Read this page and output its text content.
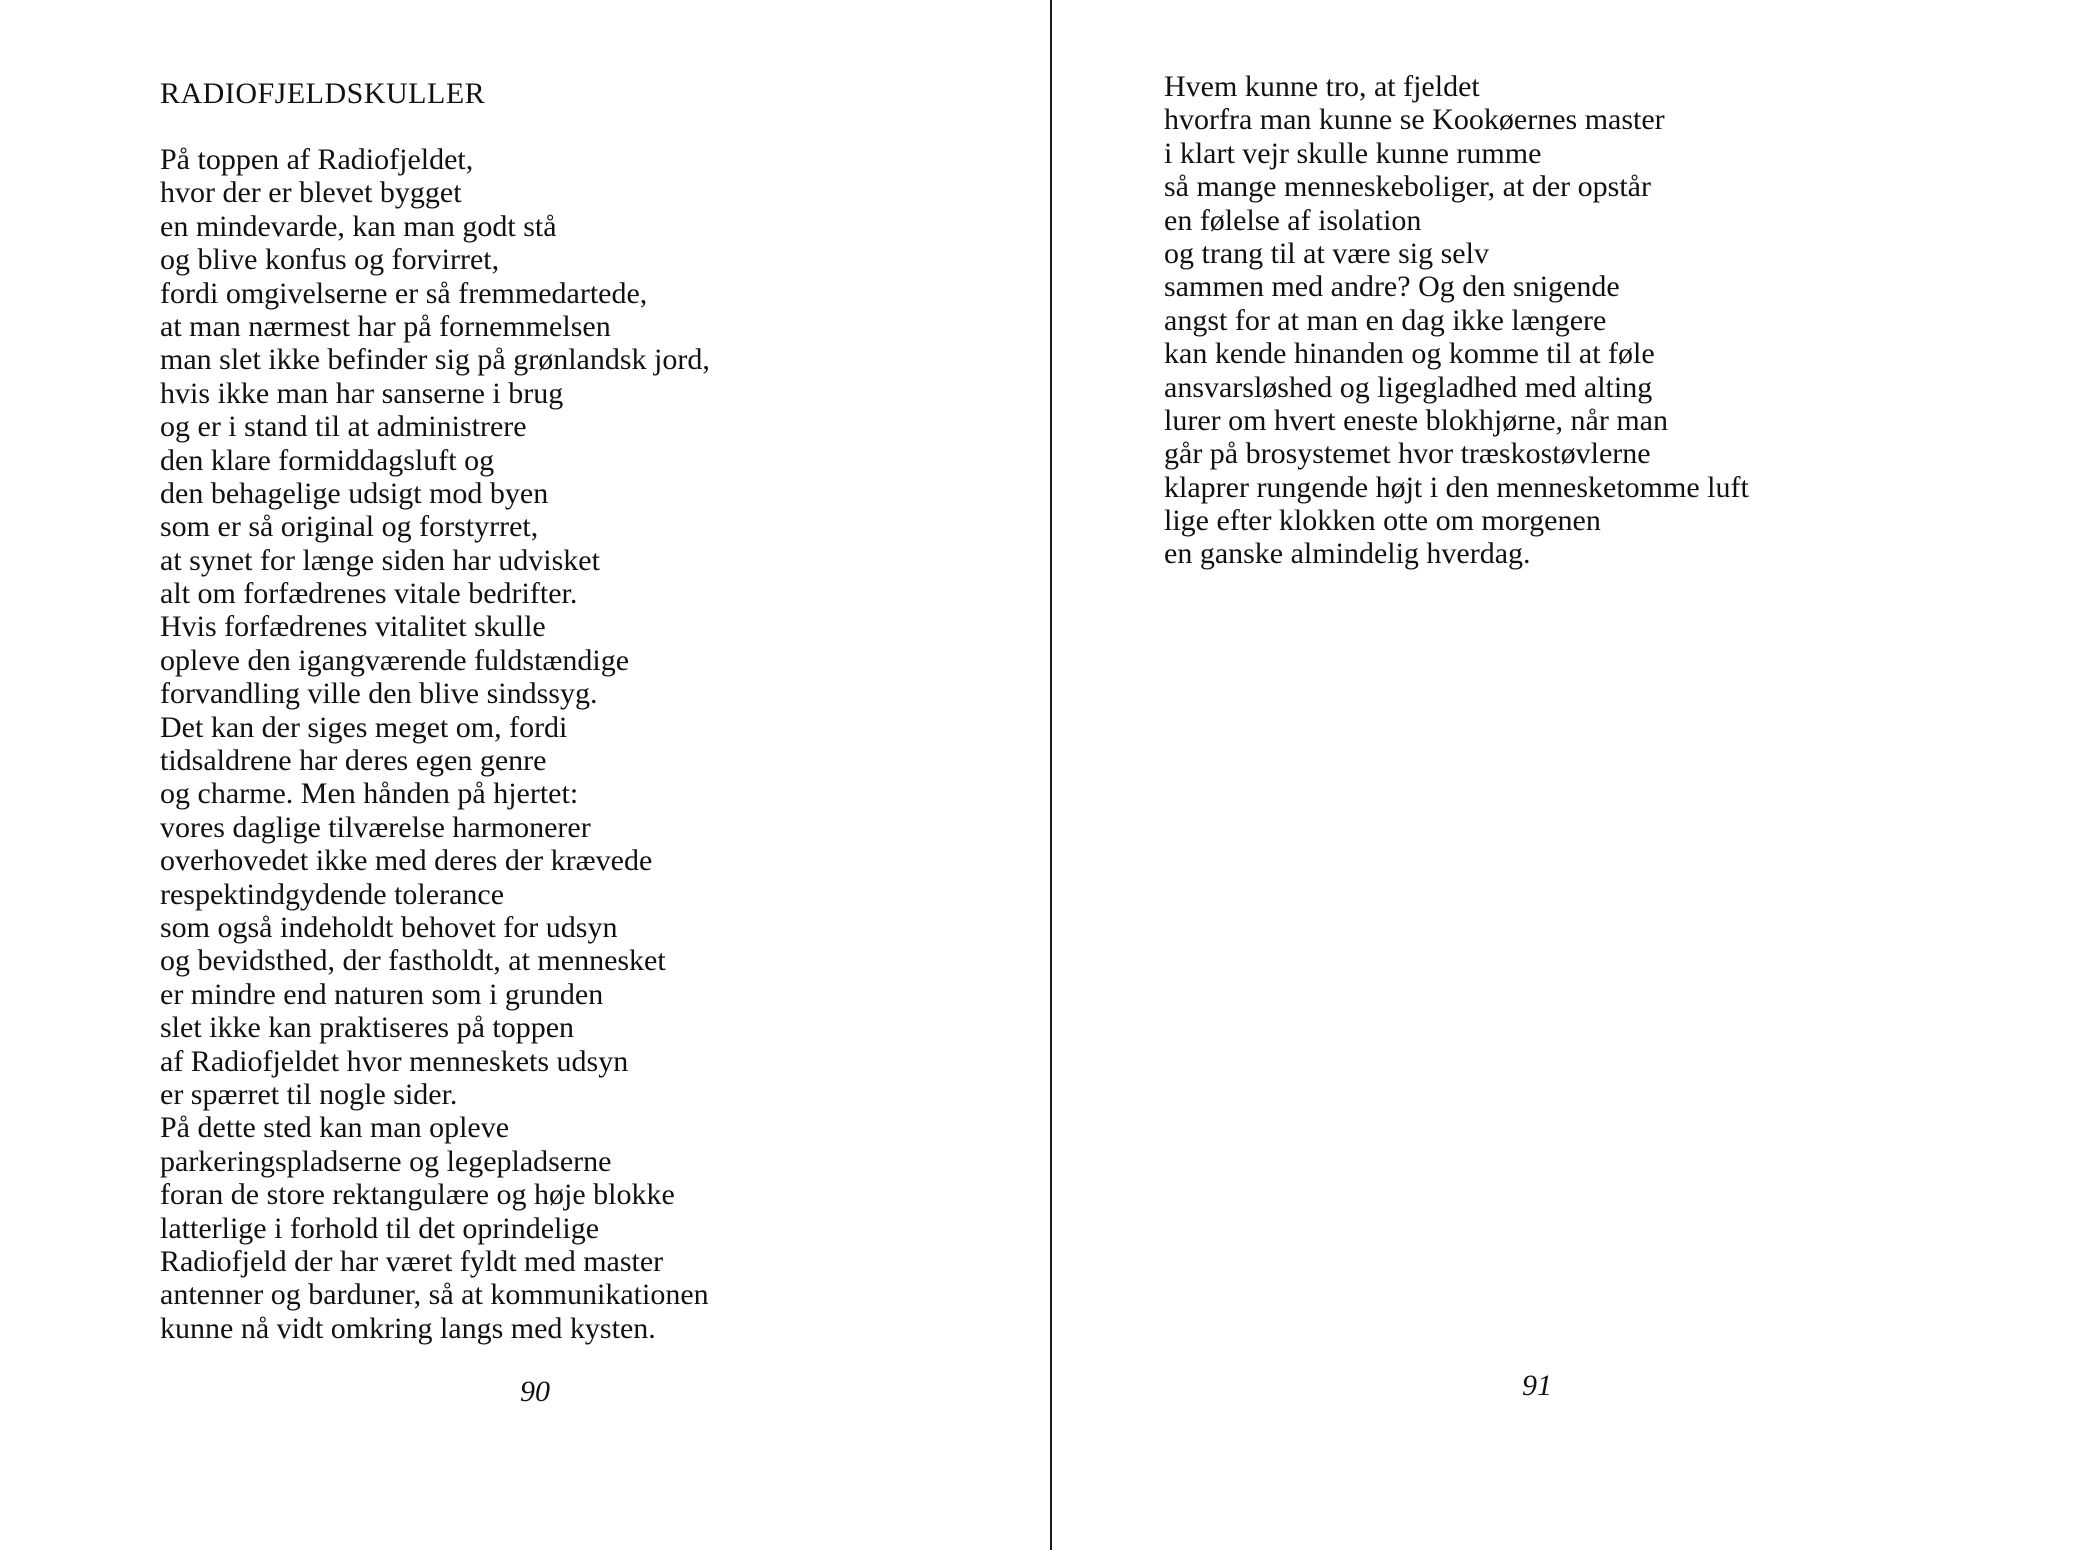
RADIOFJELDSKULLER
På toppen af Radiofjeldet,
hvor der er blevet bygget
en mindevarde, kan man godt stå
og blive konfus og forvirret,
fordi omgivelserne er så fremmedartede,
at man nærmest har på fornemmelsen
man slet ikke befinder sig på grønlandsk jord,
hvis ikke man har sanserne i brug
og er i stand til at administrere
den klare formiddagsluft og
den behagelige udsigt mod byen
som er så original og forstyrret,
at synet for længe siden har udvisket
alt om forfædrenes vitale bedrifter.
Hvis forfædrenes vitalitet skulle
opleve den igangværende fuldstændige
forvandling ville den blive sindssyg.
Det kan der siges meget om, fordi
tidsaldrene har deres egen genre
og charme. Men hånden på hjertet:
vores daglige tilværelse harmonerer
overhovedet ikke med deres der krævede
respektindgydende tolerance
som også indeholdt behovet for udsyn
og bevidsthed, der fastholdt, at mennesket
er mindre end naturen som i grunden
slet ikke kan praktiseres på toppen
af Radiofjeldet hvor menneskets udsyn
er spærret til nogle sider.
På dette sted kan man opleve
parkeringspladserne og legepladserne
foran de store rektangulære og høje blokke
latterlige i forhold til det oprindelige
Radiofjeld der har været fyldt med master
antenner og barduner, så at kommunikationen
kunne nå vidt omkring langs med kysten.
90
Hvem kunne tro, at fjeldet
hvorfra man kunne se Kookøernes master
i klart vejr skulle kunne rumme
så mange menneskeboliger, at der opstår
en følelse af isolation
og trang til at være sig selv
sammen med andre? Og den snigende
angst for at man en dag ikke længere
kan kende hinanden og komme til at føle
ansvarsløshed og ligegladhed med alting
lurer om hvert eneste blokhjørne, når man
går på brosystemet hvor træskostøvlerne
klaprer rungende højt i den mennesketomme luft
lige efter klokken otte om morgenen
en ganske almindelig hverdag.
91
